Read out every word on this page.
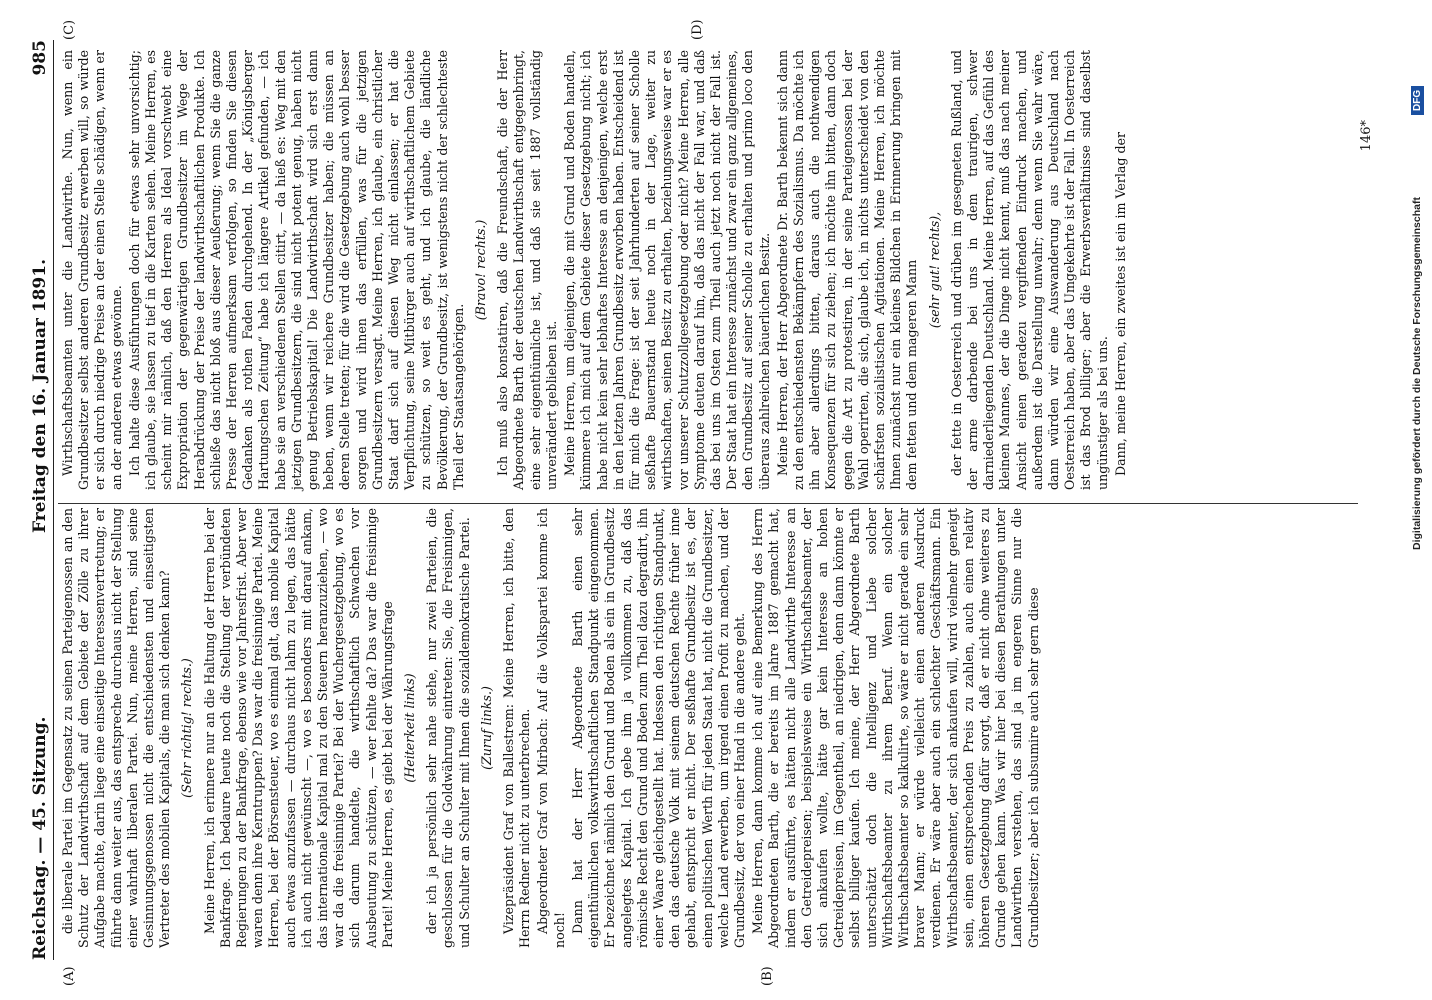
Reichstag. — 45. Sitzung.
Freitag den 16. Januar 1891.
985
(A)	(B)
(C)	(D)

die liberale Partei im Gegensatz zu seinen Parteigenossen an den Schutz der Landwirthschaft auf dem Gebiete der Zölle zu ihrer Aufgabe machte, darin liege eine einseitige Interessenvertretung; er führte dann weiter aus, das entspreche durchaus nicht der Stellung einer wahrhaft liberalen Partei. Nun, meine Herren, sind seine Gesinnungsgenossen nicht die entschiedensten und einseitigsten Vertreter des mobilen Kapitals, die man sich denken kann? (Sehr richtig! rechts.) Meine Herren, ich erinnere nur an die Haltung der Herren bei der Bankfrage. Ich bedaure heute noch die Stellung der verbündeten Regierungen zu der Bankfrage, ebenso wie vor Jahresfrist. Aber wer waren denn ihre Kerntruppen? Das war die freisinnige Partei. Meine Herren, bei der Börsensteuer, wo es einmal galt, das mobile Kapital auch etwas anzufassen — durchaus nicht lahm zu legen, das hätte ich auch nicht gewünscht —, wo es besonders mit darauf ankam, das internationale Kapital mal zu den Steuern heranzuziehen, — wo war da die freisinnige Partei? Bei der Wuchergesetzgebung, wo es sich darum handelte, die wirthschaftlich Schwachen vor Ausbeutung zu schützen, — wer fehlte da? Das war die freisinnige Partei! Meine Herren, es giebt bei der Währungsfrage (Heiterkeit links) der ich ja persönlich sehr nahe stehe, nur zwei Parteien, die geschlossen für die Goldwährung eintreten: Sie, die Freisinnigen, und Schulter an Schulter mit Ihnen die sozialdemokratische Partei. (Zuruf links.) Vizepräsident Graf von Ballestrem: Meine Herren, ich bitte, den Herrn Redner nicht zu unterbrechen. Abgeordneter Graf von Mirbach: Auf die Volkspartei komme ich noch! Dann hat der Herr Abgeordnete Barth einen sehr eigenthümlichen volkswirthschaftlichen Standpunkt eingenommen. Er bezeichnet nämlich den Grund und Boden als ein in Grundbesitz angelegtes Kapital. Ich gebe ihm ja vollkommen zu, daß das römische Recht den Grund und Boden zum Theil dazu degradirt, ihn einer Waare gleichgestellt hat. Indessen den richtigen Standpunkt, den das deutsche Volk mit seinem deutschen Rechte früher inne gehabt, entspricht er nicht. Der seßhafte Grundbesitz ist es, der einen politischen Werth für jeden Staat hat, nicht die Grundbesitzer, welche Land erwerben, um irgend einen Profit zu machen, und der Grundbesitz, der von einer Hand in die andere geht. Meine Herren, dann komme ich auf eine Bemerkung des Herrn Abgeordneten Barth, die er bereits im Jahre 1887 gemacht hat, indem er ausführte, es hätten nicht alle Landwirthe Interesse an den Getreidepreisen; beispielsweise ein Wirthschaftsbeamter, der sich ankaufen wollte, hätte gar kein Interesse an hohen Getreidepreisen, im Gegentheil, an niedrigen, denn dann könnte er selbst billiger kaufen. Ich meine, der Herr Abgeordnete Barth unterschätzt doch die Intelligenz und Liebe solcher Wirthschaftsbeamter zu ihrem Beruf. Wenn ein solcher Wirthschaftsbeamter so kalkulirte, so wäre er nicht gerade ein sehr braver Mann; er würde vielleicht einen anderen Ausdruck verdienen. Er wäre aber auch ein schlechter Geschäftsmann. Ein Wirthschaftsbeamter, der sich ankaufen will, wird vielmehr geneigt sein, einen entsprechenden Preis zu zahlen, auch einen relativ höheren Gesetzgebung dafür sorgt, daß er nicht ohne weiteres zu Grunde gehen kann. Was wir hier bei diesen Berathungen unter Landwirthen verstehen, das sind ja im engeren Sinne nur die Grundbesitzer; aber ich subsumire auch sehr gern diese

Wirthschaftsbeamten unter die Landwirthe. Nun, wenn ein Grundbesitzer selbst anderen Grundbesitz erwerben will, so würde er sich durch niedrige Preise an der einen Stelle schädigen, wenn er an der anderen etwas gewönne. Ich halte diese Ausführungen doch für etwas sehr unvorsichtig; ich glaube, sie lassen zu tief in die Karten sehen. Meine Herren, es scheint mir nämlich, daß den Herren als Ideal vorschwebt eine Expropriation der gegenwärtigen Grundbesitzer im Wege der Herabdrückung der Preise der landwirthschaftlichen Produkte. Ich schließe das nicht bloß aus dieser Aeußerung; wenn Sie die ganze Presse der Herren aufmerksam verfolgen, so finden Sie diesen Gedanken als rothen Faden durchgehend. In der „Königsberger Hartungschen Zeitung“ habe ich längere Artikel gefunden, — ich habe sie an verschiedenen Stellen citirt, — da hieß es: Weg mit den jetzigen Grundbesitzern, die sind nicht potent genug, haben nicht genug Betriebskapital! Die Landwirthschaft wird sich erst dann heben, wenn wir reichere Grundbesitzer haben; die müssen an deren Stelle treten; für die wird die Gesetzgebung auch wohl besser sorgen und wird ihnen das erfüllen, was für die jetzigen Grundbesitzern versagt. Meine Herren, ich glaube, ein christlicher Staat darf sich auf diesen Weg nicht einlassen; er hat die Verpflichtung, seine Mitbürger auch auf wirthschaftlichem Gebiete zu schützen, so weit es geht, und ich glaube, die ländliche Bevölkerung, der Grundbesitz, ist wenigstens nicht der schlechteste Theil der Staatsangehörigen.

(Bravo! rechts.) Ich muß also konstatiren, daß die Freundschaft, die der Herr Abgeordnete Barth der deutschen Landwirthschaft entgegenbringt, eine sehr eigenthümliche ist, und daß sie seit 1887 vollständig unverändert geblieben ist. Meine Herren, um diejenigen, die mit Grund und Boden handeln, kümmere ich mich auf dem Gebiete dieser Gesetzgebung nicht; ich habe nicht kein sehr lebhaftes Interesse an denjenigen, welche erst in den letzten Jahren Grundbesitz erworben haben. Entscheidend ist für mich die Frage: ist der seit Jahrhunderten auf seiner Scholle seßhafte Bauernstand heute noch in der Lage, weiter zu wirthschaften, seinen Besitz zu erhalten, beziehungsweise war er es vor unserer Schutzzollgesetzgebung oder nicht? Meine Herren, alle Symptome deuten darauf hin, daß das nicht der Fall war, und daß das bei uns im Osten zum Theil auch jetzt noch nicht der Fall ist. Der Staat hat ein Interesse zunächst und zwar ein ganz allgemeines, den Grundbesitz auf seiner Scholle zu erhalten und primo loco den überaus zahlreichen bäuerlichen Besitz. Meine Herren, der Herr Abgeordnete Dr. Barth bekennt sich dann zu den entschiedensten Bekämpfern des Sozialismus. Da möchte ich ihn aber allerdings bitten, daraus auch die nothwendigen Konsequenzen für sich zu ziehen; ich möchte ihn bitten, dann doch gegen die Art zu protestiren, in der seine Parteigenossen bei der Wahl operirten, die sich, glaube ich, in nichts unterscheidet von den schärfsten sozialistischen Agitationen. Meine Herren, ich möchte Ihnen zunächst nur ein kleines Bildchen in Erinnerung bringen mit dem fetten und dem mageren Mann (sehr gut! rechts), der fette in Oesterreich und drüben im gesegneten Rußland, und der arme darbende bei uns in dem traurigen, schwer darniederliegenden Deutschland. Meine Herren, auf das Gefühl des kleinen Mannes, der die Dinge nicht kennt, muß das nach meiner Ansicht einen geradezu vergiftenden Eindruck machen, und außerdem ist die Darstellung unwahr; denn wenn Sie wahr wäre, dann würden wir eine Auswanderung aus Deutschland nach Oesterreich haben, aber das Umgekehrte ist der Fall. In Oesterreich ist das Brod billiger; aber die Erwerbsverhältnisse sind daselbst ungünstiger als bei uns. Dann, meine Herren, ein zweites ist ein im Verlag der	146*
Digitalisierung gefördert durch die Deutsche Forschungsgemeinschaft
DFG
